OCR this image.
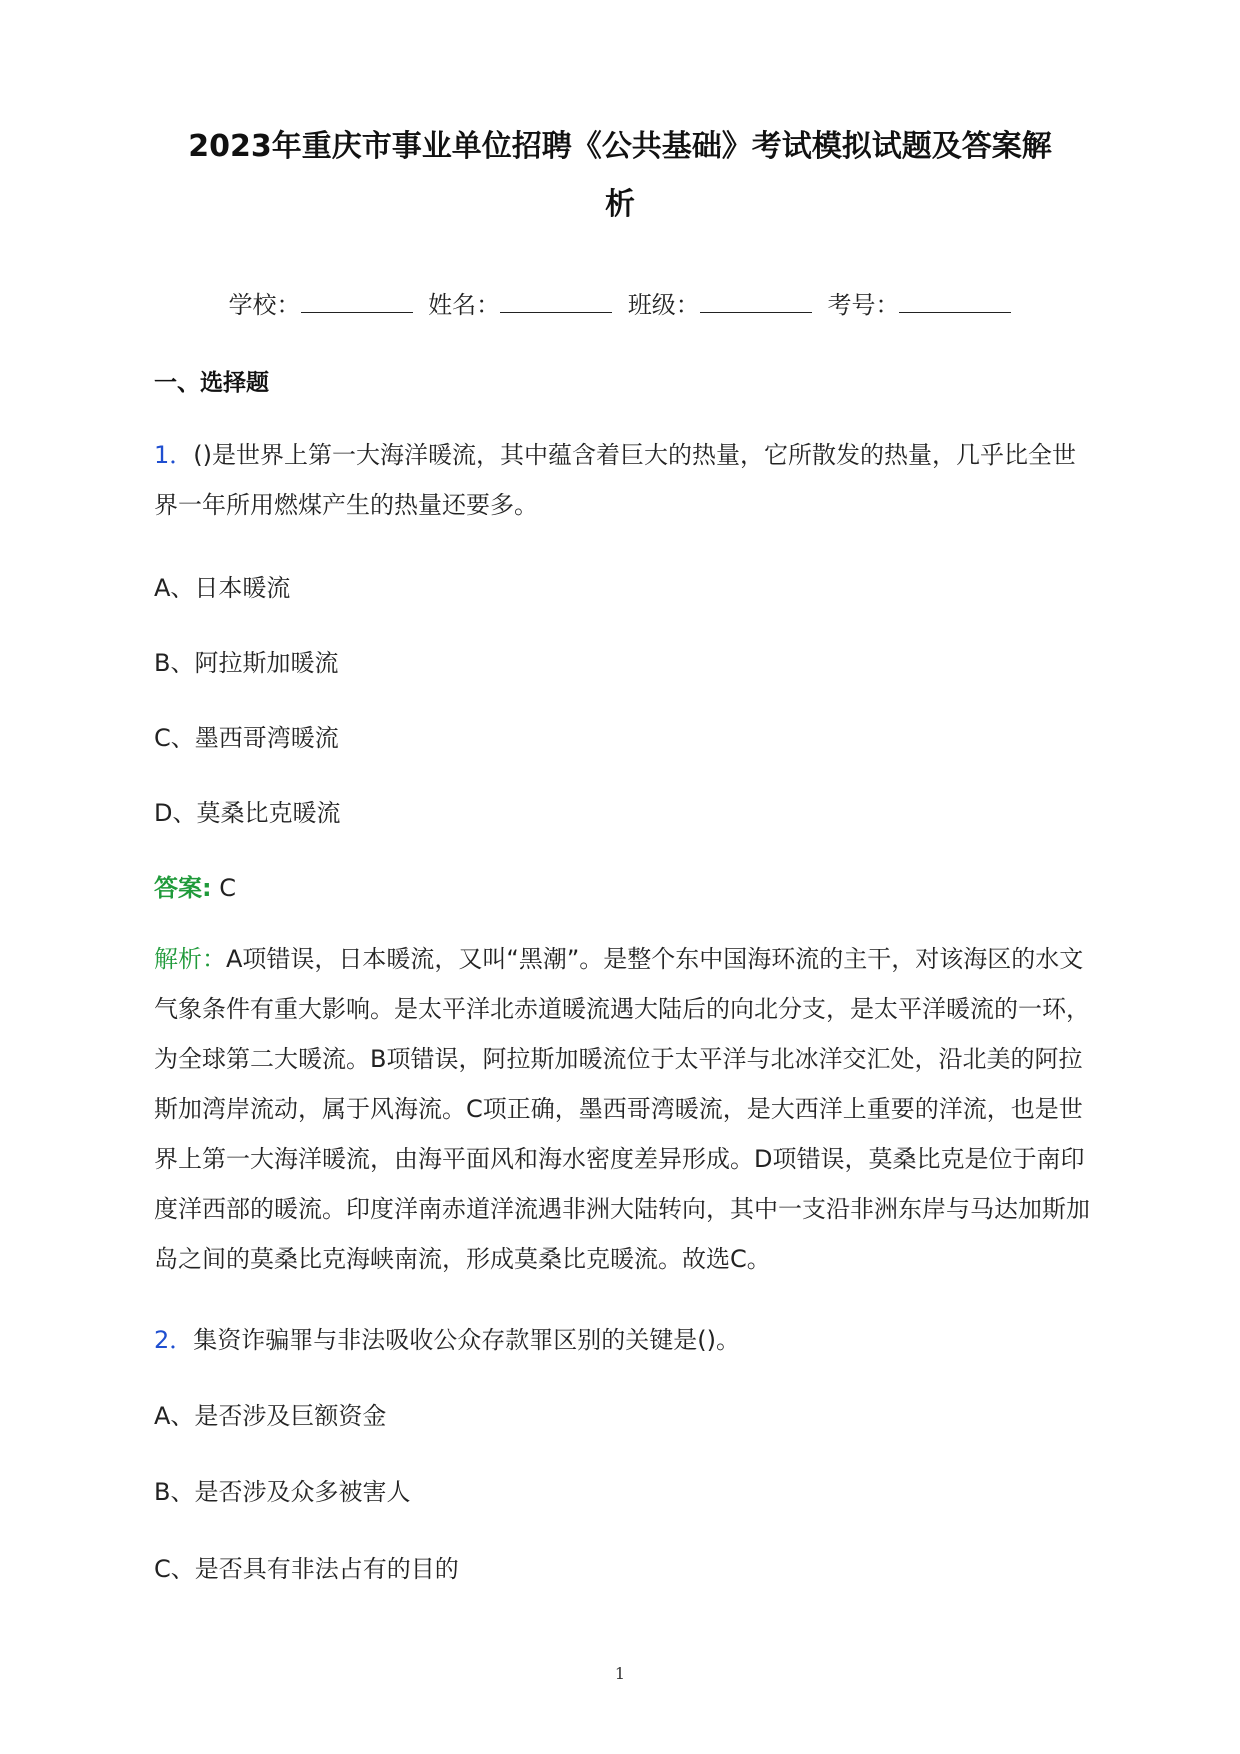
2023年重庆市事业单位招聘《公共基础》考试模拟试题及答案解
析
学校：	姓名：	班级：	考号：
一、选择题
1．()是世界上第一大海洋暖流，其中蕴含着巨大的热量，它所散发的热量，几乎比全世界一年所用燃煤产生的热量还要多。
A、日本暖流
B、阿拉斯加暖流
C、墨西哥湾暖流
D、莫桑比克暖流
答案: C
解析：A项错误，日本暖流，又叫“黑潮”。是整个东中国海环流的主干，对该海区的水文气象条件有重大影响。是太平洋北赤道暖流遇大陆后的向北分支，是太平洋暖流的一环，为全球第二大暖流。B项错误，阿拉斯加暖流位于太平洋与北冰洋交汇处，沿北美的阿拉斯加湾岸流动，属于风海流。C项正确，墨西哥湾暖流，是大西洋上重要的洋流，也是世界上第一大海洋暖流，由海平面风和海水密度差异形成。D项错误，莫桑比克是位于南印度洋西部的暖流。印度洋南赤道洋流遇非洲大陆转向，其中一支沿非洲东岸与马达加斯加岛之间的莫桑比克海峡南流，形成莫桑比克暖流。故选C。
2．集资诈骗罪与非法吸收公众存款罪区别的关键是()。
A、是否涉及巨额资金
B、是否涉及众多被害人
C、是否具有非法占有的目的
1
